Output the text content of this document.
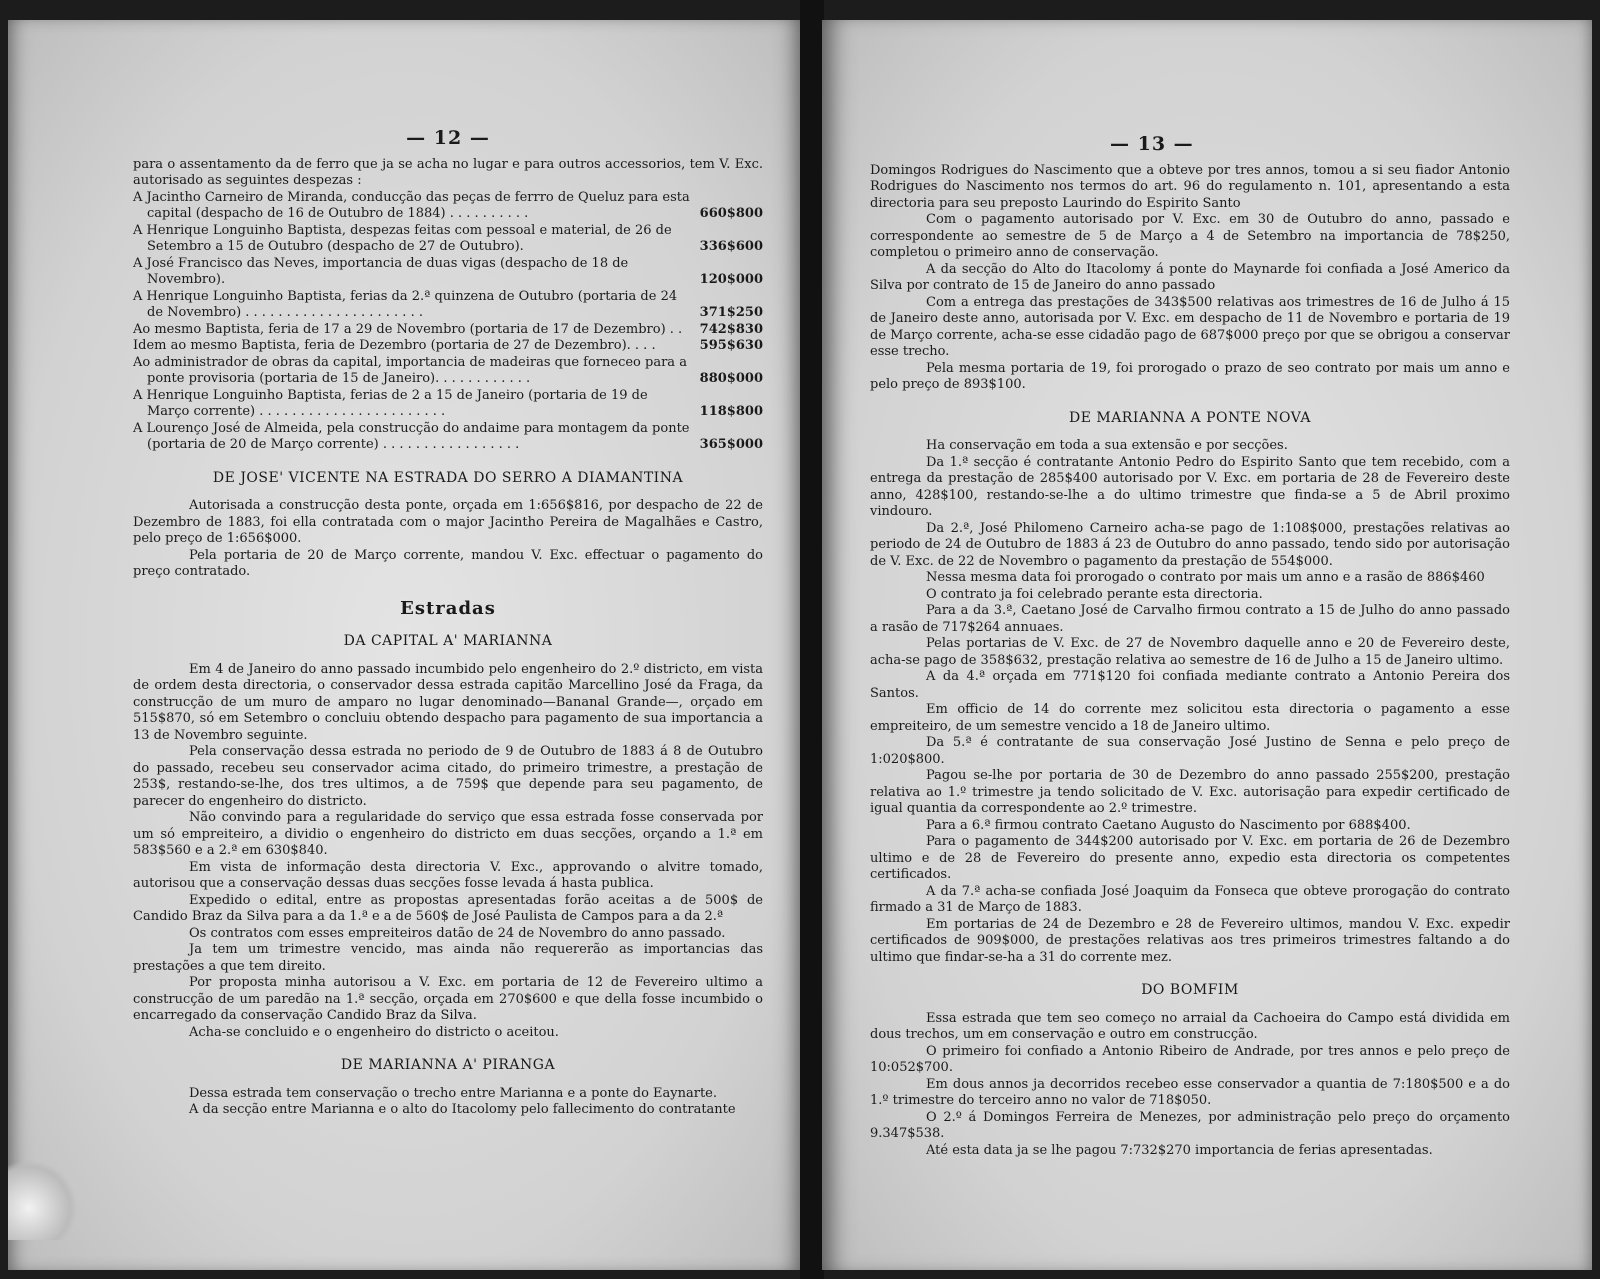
— 12 —

para o assentamento da de ferro que ja se acha no lugar e para outros accessorios, tem V. Exc. autorisado as seguintes despezas :

A Jacintho Carneiro de Miranda, conducção das peças de ferrro de Queluz para esta capital (despacho de 16 de Outubro de 1884) . . . . . . . . . .	660$800
A Henrique Longuinho Baptista, despezas feitas com pessoal e material, de 26 de Setembro a 15 de Outubro (despacho de 27 de Outubro).	336$600
A José Francisco das Neves, importancia de duas vigas (despacho de 18 de Novembro).	120$000
A Henrique Longuinho Baptista, ferias da 2.ª quinzena de Outubro (portaria de 24 de Novembro) . . . . . . . . . . . . . . . . . . . . . .	371$250
Ao mesmo Baptista, feria de 17 a 29 de Novembro (portaria de 17 de Dezembro) . .	742$830
Idem ao mesmo Baptista, feria de Dezembro (portaria de 27 de Dezembro). . . .	595$630
Ao administrador de obras da capital, importancia de madeiras que forneceo para a ponte provisoria (portaria de 15 de Janeiro). . . . . . . . . . . .	880$000
A Henrique Longuinho Baptista, ferias de 2 a 15 de Janeiro (portaria de 19 de Março corrente) . . . . . . . . . . . . . . . . . . . . . . .	118$800
A Lourenço José de Almeida, pela construcção do andaime para montagem da ponte (portaria de 20 de Março corrente) . . . . . . . . . . . . . . . . .	365$000
DE JOSE' VICENTE NA ESTRADA DO SERRO A DIAMANTINA

Autorisada a construcção desta ponte, orçada em 1:656$816, por despacho de 22 de Dezembro de 1883, foi ella contratada com o major Jacintho Pereira de Magalhães e Castro, pelo preço de 1:656$000.

Pela portaria de 20 de Março corrente, mandou V. Exc. effectuar o pagamento do preço contratado.

Estradas
DA CAPITAL A' MARIANNA

Em 4 de Janeiro do anno passado incumbido pelo engenheiro do 2.º districto, em vista de ordem desta directoria, o conservador dessa estrada capitão Marcellino José da Fraga, da construcção de um muro de amparo no lugar denominado—Bananal Grande—, orçado em 515$870, só em Setembro o concluiu obtendo despacho para pagamento de sua importancia a 13 de Novembro seguinte.

Pela conservação dessa estrada no periodo de 9 de Outubro de 1883 á 8 de Outubro do passado, recebeu seu conservador acima citado, do primeiro trimestre, a prestação de 253$, restando-se-lhe, dos tres ultimos, a de 759$ que depende para seu pagamento, de parecer do engenheiro do districto.

Não convindo para a regularidade do serviço que essa estrada fosse conservada por um só empreiteiro, a dividio o engenheiro do districto em duas secções, orçando a 1.ª em 583$560 e a 2.ª em 630$840.

Em vista de informação desta directoria V. Exc., approvando o alvitre tomado, autorisou que a conservação dessas duas secções fosse levada á hasta publica.

Expedido o edital, entre as propostas apresentadas forão aceitas a de 500$ de Candido Braz da Silva para a da 1.ª e a de 560$ de José Paulista de Campos para a da 2.ª

Os contratos com esses empreiteiros datão de 24 de Novembro do anno passado.

Ja tem um trimestre vencido, mas ainda não requererão as importancias das prestações a que tem direito.

Por proposta minha autorisou a V. Exc. em portaria de 12 de Fevereiro ultimo a construcção de um paredão na 1.ª secção, orçada em 270$600 e que della fosse incumbido o encarregado da conservação Candido Braz da Silva.

Acha-se concluido e o engenheiro do districto o aceitou.

DE MARIANNA A' PIRANGA

Dessa estrada tem conservação o trecho entre Marianna e a ponte do Eaynarte.

A da secção entre Marianna e o alto do Itacolomy pelo fallecimento do contratante

— 13 —

Domingos Rodrigues do Nascimento que a obteve por tres annos, tomou a si seu fiador Antonio Rodrigues do Nascimento nos termos do art. 96 do regulamento n. 101, apresentando a esta directoria para seu preposto Laurindo do Espirito Santo

Com o pagamento autorisado por V. Exc. em 30 de Outubro do anno, passado e correspondente ao semestre de 5 de Março a 4 de Setembro na importancia de 78$250, completou o primeiro anno de conservação.

A da secção do Alto do Itacolomy á ponte do Maynarde foi confiada a José Americo da Silva por contrato de 15 de Janeiro do anno passado

Com a entrega das prestações de 343$500 relativas aos trimestres de 16 de Julho á 15 de Janeiro deste anno, autorisada por V. Exc. em despacho de 11 de Novembro e portaria de 19 de Março corrente, acha-se esse cidadão pago de 687$000 preço por que se obrigou a conservar esse trecho.

Pela mesma portaria de 19, foi prorogado o prazo de seo contrato por mais um anno e pelo preço de 893$100.

DE MARIANNA A PONTE NOVA

Ha conservação em toda a sua extensão e por secções.

Da 1.ª secção é contratante Antonio Pedro do Espirito Santo que tem recebido, com a entrega da prestação de 285$400 autorisado por V. Exc. em portaria de 28 de Fevereiro deste anno, 428$100, restando-se-lhe a do ultimo trimestre que finda-se a 5 de Abril proximo vindouro.

Da 2.ª, José Philomeno Carneiro acha-se pago de 1:108$000, prestações relativas ao periodo de 24 de Outubro de 1883 á 23 de Outubro do anno passado, tendo sido por autorisação de V. Exc. de 22 de Novembro o pagamento da prestação de 554$000.

Nessa mesma data foi prorogado o contrato por mais um anno e a rasão de 886$460

O contrato ja foi celebrado perante esta directoria.

Para a da 3.ª, Caetano José de Carvalho firmou contrato a 15 de Julho do anno passado a rasão de 717$264 annuaes.

Pelas portarias de V. Exc. de 27 de Novembro daquelle anno e 20 de Fevereiro deste, acha-se pago de 358$632, prestação relativa ao semestre de 16 de Julho a 15 de Janeiro ultimo.

A da 4.ª orçada em 771$120 foi confiada mediante contrato a Antonio Pereira dos Santos.

Em officio de 14 do corrente mez solicitou esta directoria o pagamento a esse empreiteiro, de um semestre vencido a 18 de Janeiro ultimo.

Da 5.ª é contratante de sua conservação José Justino de Senna e pelo preço de 1:020$800.

Pagou se-lhe por portaria de 30 de Dezembro do anno passado 255$200, prestação relativa ao 1.º trimestre ja tendo solicitado de V. Exc. autorisação para expedir certificado de igual quantia da correspondente ao 2.º trimestre.

Para a 6.ª firmou contrato Caetano Augusto do Nascimento por 688$400.

Para o pagamento de 344$200 autorisado por V. Exc. em portaria de 26 de Dezembro ultimo e de 28 de Fevereiro do presente anno, expedio esta directoria os competentes certificados.

A da 7.ª acha-se confiada José Joaquim da Fonseca que obteve prorogação do contrato firmado a 31 de Março de 1883.

Em portarias de 24 de Dezembro e 28 de Fevereiro ultimos, mandou V. Exc. expedir certificados de 909$000, de prestações relativas aos tres primeiros trimestres faltando a do ultimo que findar-se-ha a 31 do corrente mez.

DO BOMFIM

Essa estrada que tem seo começo no arraial da Cachoeira do Campo está dividida em dous trechos, um em conservação e outro em construcção.

O primeiro foi confiado a Antonio Ribeiro de Andrade, por tres annos e pelo preço de 10:052$700.

Em dous annos ja decorridos recebeo esse conservador a quantia de 7:180$500 e a do 1.º trimestre do terceiro anno no valor de 718$050.

O 2.º á Domingos Ferreira de Menezes, por administração pelo preço do orçamento 9.347$538.

Até esta data ja se lhe pagou 7:732$270 importancia de ferias apresentadas.
